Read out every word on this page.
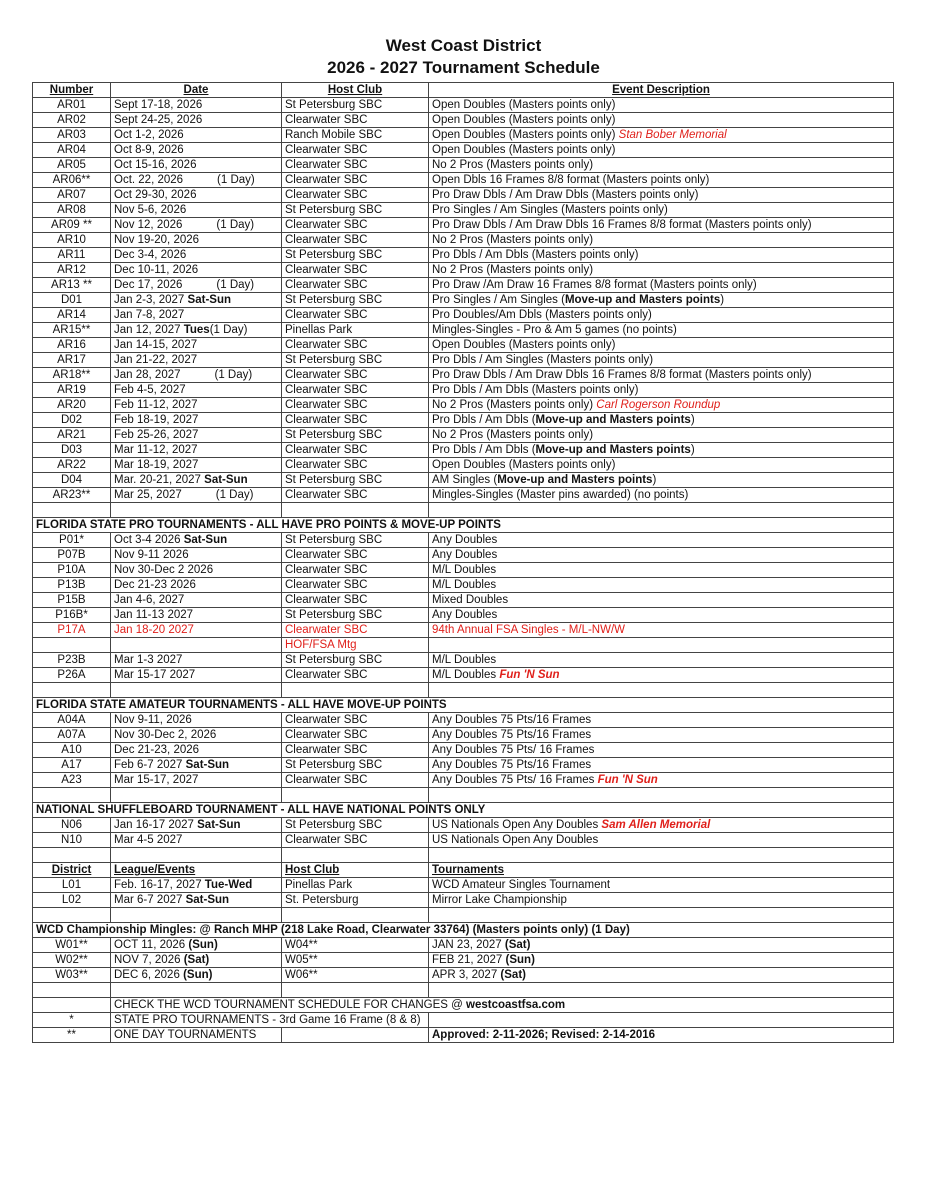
West Coast District
2026 - 2027 Tournament Schedule
Number	Date	Host Club	Event Description
AR01	Sept 17-18, 2026	St Petersburg SBC	Open Doubles (Masters points only)
AR02	Sept 24-25, 2026	Clearwater SBC	Open Doubles (Masters points only)
AR03	Oct 1-2, 2026	Ranch Mobile SBC	Open Doubles (Masters points only) Stan Bober Memorial
AR04	Oct 8-9, 2026	Clearwater SBC	Open Doubles (Masters points only)
AR05	Oct 15-16, 2026	Clearwater SBC	No 2 Pros (Masters points only)
AR06**	Oct. 22, 2026 (1 Day)	Clearwater SBC	Open Dbls 16 Frames 8/8 format (Masters points only)
AR07	Oct 29-30, 2026	Clearwater SBC	Pro Draw Dbls / Am Draw Dbls (Masters points only)
AR08	Nov 5-6, 2026	St Petersburg SBC	Pro Singles / Am Singles (Masters points only)
AR09 **	Nov 12, 2026 (1 Day)	Clearwater SBC	Pro Draw Dbls / Am Draw Dbls 16 Frames 8/8 format (Masters points only)
AR10	Nov 19-20, 2026	Clearwater SBC	No 2 Pros (Masters points only)
AR11	Dec 3-4, 2026	St Petersburg SBC	Pro Dbls / Am Dbls (Masters points only)
AR12	Dec 10-11, 2026	Clearwater SBC	No 2 Pros (Masters points only)
AR13 **	Dec 17, 2026 (1 Day)	Clearwater SBC	Pro Draw /Am Draw 16 Frames 8/8 format (Masters points only)
D01	Jan 2-3, 2027 Sat-Sun	St Petersburg SBC	Pro Singles / Am Singles (Move-up and Masters points)
AR14	Jan 7-8, 2027	Clearwater SBC	Pro Doubles/Am Dbls (Masters points only)
AR15**	Jan 12, 2027 Tues(1 Day)	Pinellas Park	Mingles-Singles - Pro & Am 5 games (no points)
AR16	Jan 14-15, 2027	Clearwater SBC	Open Doubles (Masters points only)
AR17	Jan 21-22, 2027	St Petersburg SBC	Pro Dbls / Am Singles (Masters points only)
AR18**	Jan 28, 2027 (1 Day)	Clearwater SBC	Pro Draw Dbls / Am Draw Dbls 16 Frames 8/8 format (Masters points only)
AR19	Feb 4-5, 2027	Clearwater SBC	Pro Dbls / Am Dbls (Masters points only)
AR20	Feb 11-12, 2027	Clearwater SBC	No 2 Pros (Masters points only) Carl Rogerson Roundup
D02	Feb 18-19, 2027	Clearwater SBC	Pro Dbls / Am Dbls (Move-up and Masters points)
AR21	Feb 25-26, 2027	St Petersburg SBC	No 2 Pros (Masters points only)
D03	Mar 11-12, 2027	Clearwater SBC	Pro Dbls / Am Dbls (Move-up and Masters points)
AR22	Mar 18-19, 2027	Clearwater SBC	Open Doubles (Masters points only)
D04	Mar. 20-21, 2027 Sat-Sun	St Petersburg SBC	AM Singles (Move-up and Masters points)
AR23**	Mar 25, 2027 (1 Day)	Clearwater SBC	Mingles-Singles (Master pins awarded) (no points)

FLORIDA STATE PRO TOURNAMENTS - ALL HAVE PRO POINTS & MOVE-UP POINTS			
P01*	Oct 3-4 2026 Sat-Sun	St Petersburg SBC	Any Doubles
P07B	Nov 9-11 2026	Clearwater SBC	Any Doubles
P10A	Nov 30-Dec 2 2026	Clearwater SBC	M/L Doubles
P13B	Dec 21-23 2026	Clearwater SBC	M/L Doubles
P15B	Jan 4-6, 2027	Clearwater SBC	Mixed Doubles
P16B*	Jan 11-13 2027	St Petersburg SBC	Any Doubles
P17A	Jan 18-20 2027	Clearwater SBC	94th Annual FSA Singles - M/L-NW/W
		HOF/FSA Mtg	
P23B	Mar 1-3 2027	St Petersburg SBC	M/L Doubles
P26A	Mar 15-17 2027	Clearwater SBC	M/L Doubles Fun 'N Sun

FLORIDA STATE AMATEUR TOURNAMENTS - ALL HAVE MOVE-UP POINTS			
A04A	Nov 9-11, 2026	Clearwater SBC	Any Doubles 75 Pts/16 Frames
A07A	Nov 30-Dec 2, 2026	Clearwater SBC	Any Doubles 75 Pts/16 Frames
A10	Dec 21-23, 2026	Clearwater SBC	Any Doubles 75 Pts/ 16 Frames
A17	Feb 6-7 2027 Sat-Sun	St Petersburg SBC	Any Doubles 75 Pts/16 Frames
A23	Mar 15-17, 2027	Clearwater SBC	Any Doubles 75 Pts/ 16 Frames Fun 'N Sun

NATIONAL SHUFFLEBOARD TOURNAMENT - ALL HAVE NATIONAL POINTS ONLY			
N06	Jan 16-17 2027 Sat-Sun	St Petersburg SBC	US Nationals Open Any Doubles Sam Allen Memorial
N10	Mar 4-5 2027	Clearwater SBC	US Nationals Open Any Doubles

District	League/Events	Host Club	Tournaments
L01	Feb. 16-17, 2027 Tue-Wed	Pinellas Park	WCD Amateur Singles Tournament
L02	Mar 6-7 2027 Sat-Sun	St. Petersburg	Mirror Lake Championship

WCD Championship Mingles: @ Ranch MHP (218 Lake Road, Clearwater 33764) (Masters points only) (1 Day)			
W01**	OCT 11, 2026 (Sun)	W04**	JAN 23, 2027 (Sat)
W02**	NOV 7, 2026 (Sat)	W05**	FEB 21, 2027 (Sun)
W03**	DEC 6, 2026 (Sun)	W06**	APR 3, 2027 (Sat)

	CHECK THE WCD TOURNAMENT SCHEDULE FOR CHANGES @ westcoastfsa.com		
*	STATE PRO TOURNAMENTS - 3rd Game 16 Frame (8 & 8)		
**	ONE DAY TOURNAMENTS		Approved: 2-11-2026; Revised: 2-14-2016
